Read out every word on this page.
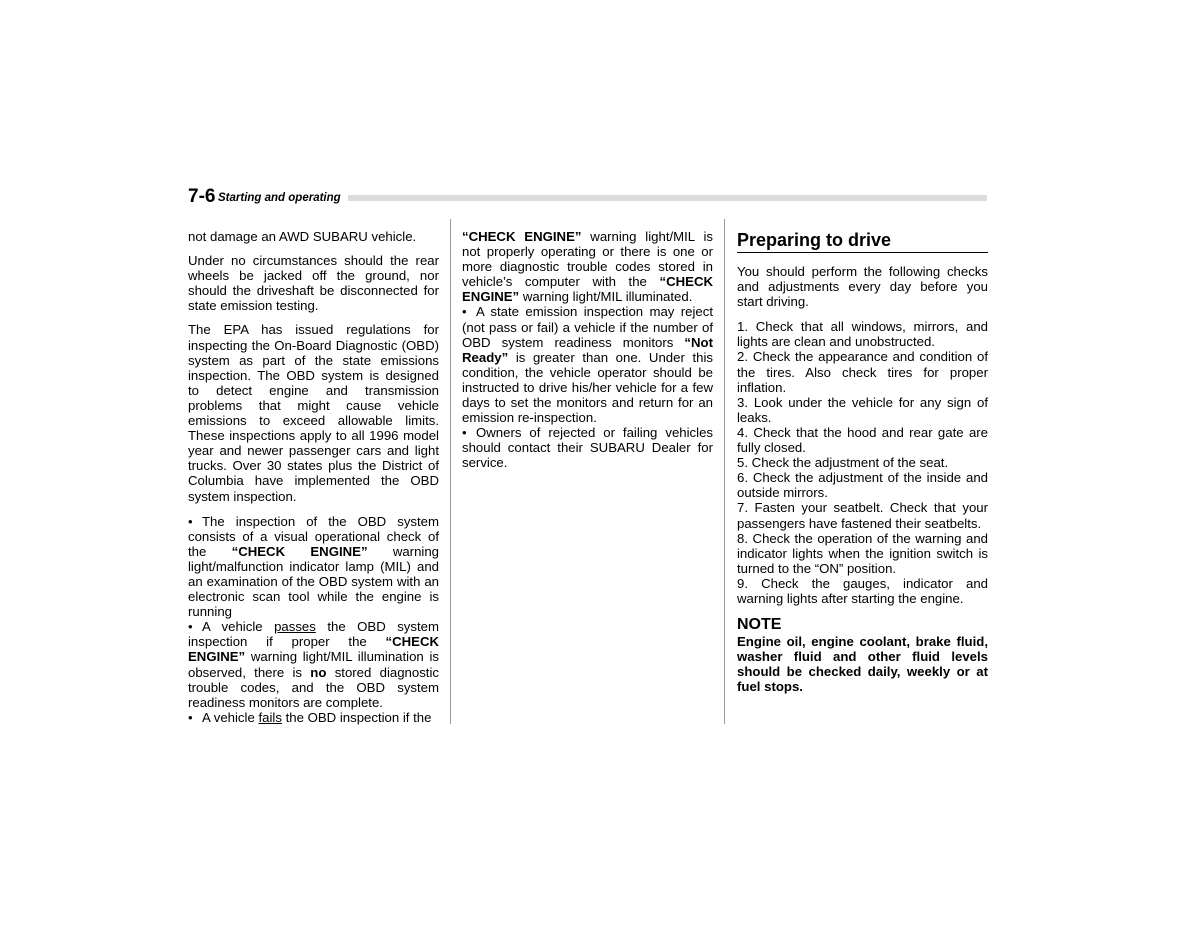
7-6 Starting and operating

not damage an AWD SUBARU vehicle.

Under no circumstances should the rear wheels be jacked off the ground, nor should the driveshaft be disconnected for state emission testing.

The EPA has issued regulations for inspecting the On-Board Diagnostic (OBD) system as part of the state emissions inspection. The OBD system is designed to detect engine and transmission problems that might cause vehicle emissions to exceed allowable limits. These inspections apply to all 1996 model year and newer passenger cars and light trucks. Over 30 states plus the District of Columbia have implemented the OBD system inspection.

• The inspection of the OBD system consists of a visual operational check of the “CHECK ENGINE” warning light/malfunction indicator lamp (MIL) and an examination of the OBD system with an electronic scan tool while the engine is running

• A vehicle passes the OBD system inspection if proper the “CHECK ENGINE” warning light/MIL illumination is observed, there is no stored diagnostic trouble codes, and the OBD system readiness monitors are complete.

• A vehicle fails the OBD inspection if the

“CHECK ENGINE” warning light/MIL is not properly operating or there is one or more diagnostic trouble codes stored in vehicle’s computer with the “CHECK ENGINE” warning light/MIL illuminated.

• A state emission inspection may reject (not pass or fail) a vehicle if the number of OBD system readiness monitors “Not Ready” is greater than one. Under this condition, the vehicle operator should be instructed to drive his/her vehicle for a few days to set the monitors and return for an emission re-inspection.

• Owners of rejected or failing vehicles should contact their SUBARU Dealer for service.

Preparing to drive

You should perform the following checks and adjustments every day before you start driving.

1. Check that all windows, mirrors, and lights are clean and unobstructed.

2. Check the appearance and condition of the tires. Also check tires for proper inflation.

3. Look under the vehicle for any sign of leaks.

4. Check that the hood and rear gate are fully closed.

5. Check the adjustment of the seat.

6. Check the adjustment of the inside and outside mirrors.

7. Fasten your seatbelt. Check that your passengers have fastened their seatbelts.

8. Check the operation of the warning and indicator lights when the ignition switch is turned to the “ON” position.

9. Check the gauges, indicator and warning lights after starting the engine.

NOTE

Engine oil, engine coolant, brake fluid, washer fluid and other fluid levels should be checked daily, weekly or at fuel stops.
